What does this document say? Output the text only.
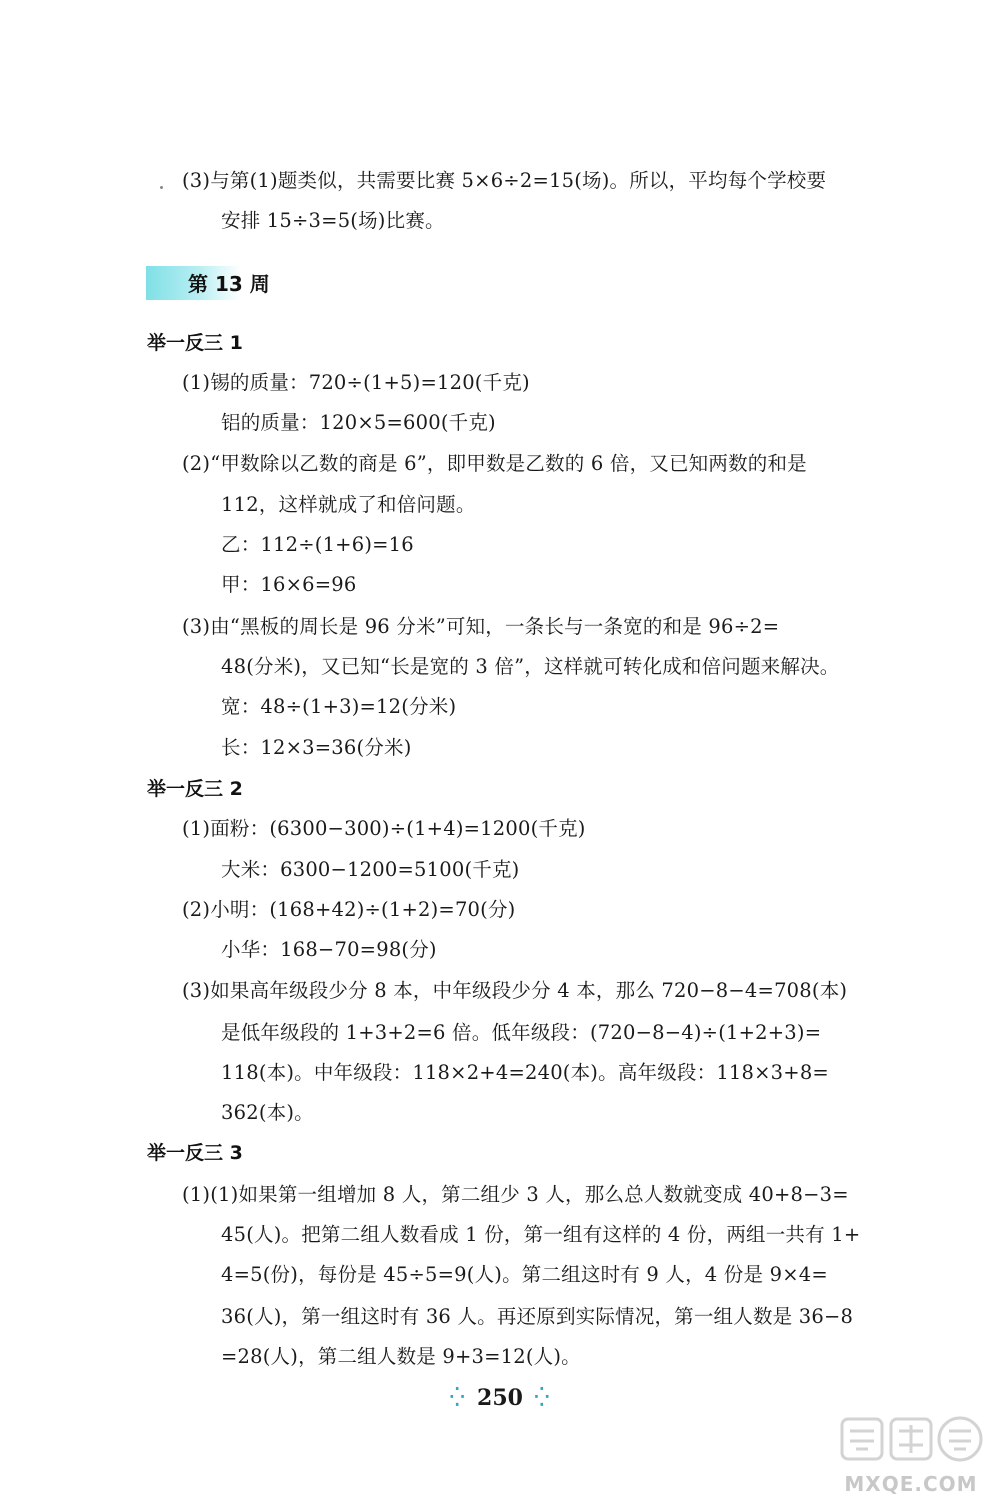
(3)与第(1)题类似，共需要比赛 5×6÷2=15(场)。所以，平均每个学校要
安排 15÷3=5(场)比赛。
第 13 周
举一反三 1
(1)锡的质量：720÷(1+5)=120(千克)
铝的质量：120×5=600(千克)
(2)“甲数除以乙数的商是 6”，即甲数是乙数的 6 倍，又已知两数的和是
112，这样就成了和倍问题。
乙：112÷(1+6)=16
甲：16×6=96
(3)由“黑板的周长是 96 分米”可知，一条长与一条宽的和是 96÷2=
48(分米)，又已知“长是宽的 3 倍”，这样就可转化成和倍问题来解决。
宽：48÷(1+3)=12(分米)
长：12×3=36(分米)
举一反三 2
(1)面粉：(6300−300)÷(1+4)=1200(千克)
大米：6300−1200=5100(千克)
(2)小明：(168+42)÷(1+2)=70(分)
小华：168−70=98(分)
(3)如果高年级段少分 8 本，中年级段少分 4 本，那么 720−8−4=708(本)
是低年级段的 1+3+2=6 倍。低年级段：(720−8−4)÷(1+2+3)=
118(本)。中年级段：118×2+4=240(本)。高年级段：118×3+8=
362(本)。
举一反三 3
(1)(1)如果第一组增加 8 人，第二组少 3 人，那么总人数就变成 40+8−3=
45(人)。把第二组人数看成 1 份，第一组有这样的 4 份，两组一共有 1+
4=5(份)，每份是 45÷5=9(人)。第二组这时有 9 人，4 份是 9×4=
36(人)，第一组这时有 36 人。再还原到实际情况，第一组人数是 36−8
=28(人)，第二组人数是 9+3=12(人)。
⁛ 250 ⁛
MXQE.COM
